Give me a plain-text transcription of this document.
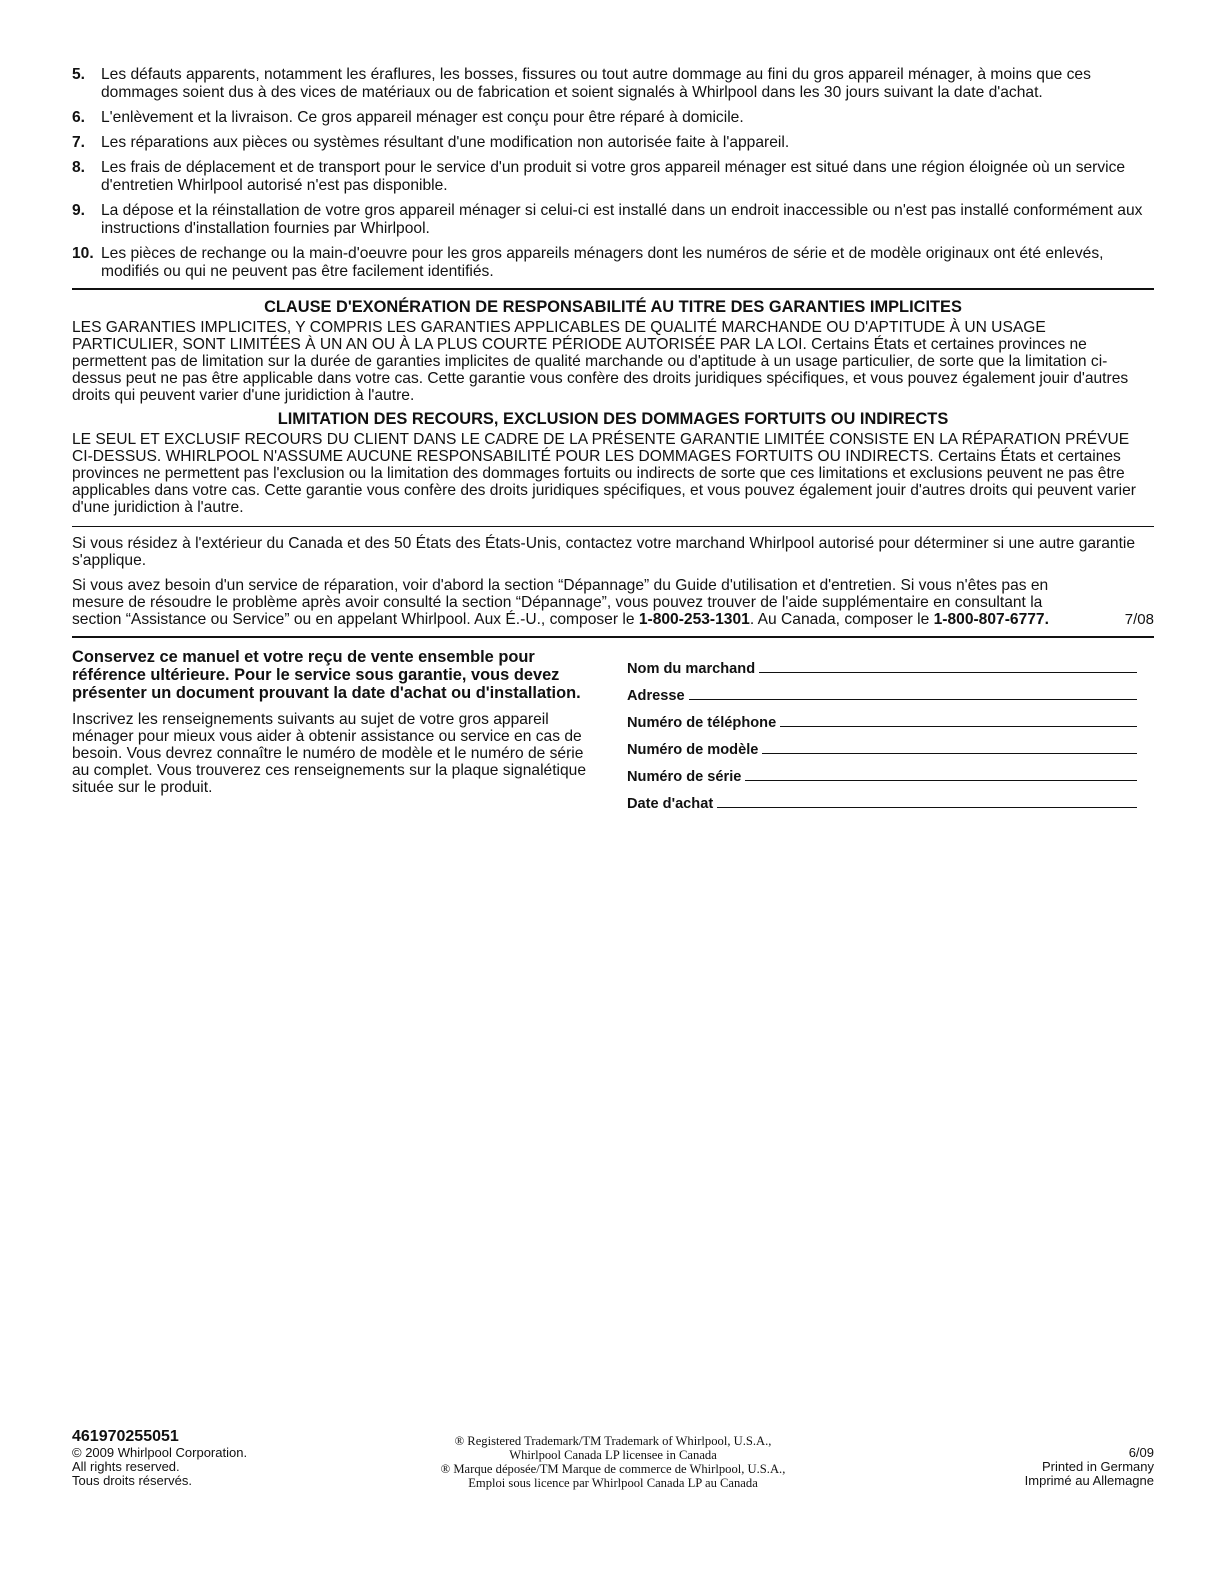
5.	Les défauts apparents, notamment les éraflures, les bosses, fissures ou tout autre dommage au fini du gros appareil ménager, à moins que ces dommages soient dus à des vices de matériaux ou de fabrication et soient signalés à Whirlpool dans les 30 jours suivant la date d'achat.
6.	L'enlèvement et la livraison. Ce gros appareil ménager est conçu pour être réparé à domicile.
7.	Les réparations aux pièces ou systèmes résultant d'une modification non autorisée faite à l'appareil.
8.	Les frais de déplacement et de transport pour le service d'un produit si votre gros appareil ménager est situé dans une région éloignée où un service d'entretien Whirlpool autorisé n'est pas disponible.
9.	La dépose et la réinstallation de votre gros appareil ménager si celui-ci est installé dans un endroit inaccessible ou n'est pas installé conformément aux instructions d'installation fournies par Whirlpool.
10. Les pièces de rechange ou la main-d'oeuvre pour les gros appareils ménagers dont les numéros de série et de modèle originaux ont été enlevés, modifiés ou qui ne peuvent pas être facilement identifiés.
CLAUSE D'EXONÉRATION DE RESPONSABILITÉ AU TITRE DES GARANTIES IMPLICITES

LES GARANTIES IMPLICITES, Y COMPRIS LES GARANTIES APPLICABLES DE QUALITÉ MARCHANDE OU D'APTITUDE À UN USAGE PARTICULIER, SONT LIMITÉES À UN AN OU À LA PLUS COURTE PÉRIODE AUTORISÉE PAR LA LOI. Certains États et certaines provinces ne permettent pas de limitation sur la durée de garanties implicites de qualité marchande ou d'aptitude à un usage particulier, de sorte que la limitation ci-dessus peut ne pas être applicable dans votre cas. Cette garantie vous confère des droits juridiques spécifiques, et vous pouvez également jouir d'autres droits qui peuvent varier d'une juridiction à l'autre.

LIMITATION DES RECOURS, EXCLUSION DES DOMMAGES FORTUITS OU INDIRECTS

LE SEUL ET EXCLUSIF RECOURS DU CLIENT DANS LE CADRE DE LA PRÉSENTE GARANTIE LIMITÉE CONSISTE EN LA RÉPARATION PRÉVUE CI-DESSUS. WHIRLPOOL N'ASSUME AUCUNE RESPONSABILITÉ POUR LES DOMMAGES FORTUITS OU INDIRECTS. Certains États et certaines provinces ne permettent pas l'exclusion ou la limitation des dommages fortuits ou indirects de sorte que ces limitations et exclusions peuvent ne pas être applicables dans votre cas. Cette garantie vous confère des droits juridiques spécifiques, et vous pouvez également jouir d'autres droits qui peuvent varier d'une juridiction à l'autre.

Si vous résidez à l'extérieur du Canada et des 50 États des États-Unis, contactez votre marchand Whirlpool autorisé pour déterminer si une autre garantie s'applique.

Si vous avez besoin d'un service de réparation, voir d'abord la section “Dépannage” du Guide d'utilisation et d'entretien. Si vous n'êtes pas en mesure de résoudre le problème après avoir consulté la section “Dépannage”, vous pouvez trouver de l'aide supplémentaire en consultant la section “Assistance ou Service” ou en appelant Whirlpool. Aux É.-U., composer le 1-800-253-1301. Au Canada, composer le 1-800-807-6777.	7/08

Conservez ce manuel et votre reçu de vente ensemble pour référence ultérieure. Pour le service sous garantie, vous devez présenter un document prouvant la date d'achat ou d'installation.

Inscrivez les renseignements suivants au sujet de votre gros appareil ménager pour mieux vous aider à obtenir assistance ou service en cas de besoin. Vous devrez connaître le numéro de modèle et le numéro de série au complet. Vous trouverez ces renseignements sur la plaque signalétique située sur le produit.

Nom du marchand
Adresse
Numéro de téléphone
Numéro de modèle
Numéro de série
Date d'achat
461970255051
© 2009 Whirlpool Corporation.
All rights reserved.
Tous droits réservés.
® Registered Trademark/TM Trademark of Whirlpool, U.S.A.,
Whirlpool Canada LP licensee in Canada
® Marque déposée/TM Marque de commerce de Whirlpool, U.S.A.,
Emploi sous licence par Whirlpool Canada LP au Canada
6/09
Printed in Germany
Imprimé au Allemagne
